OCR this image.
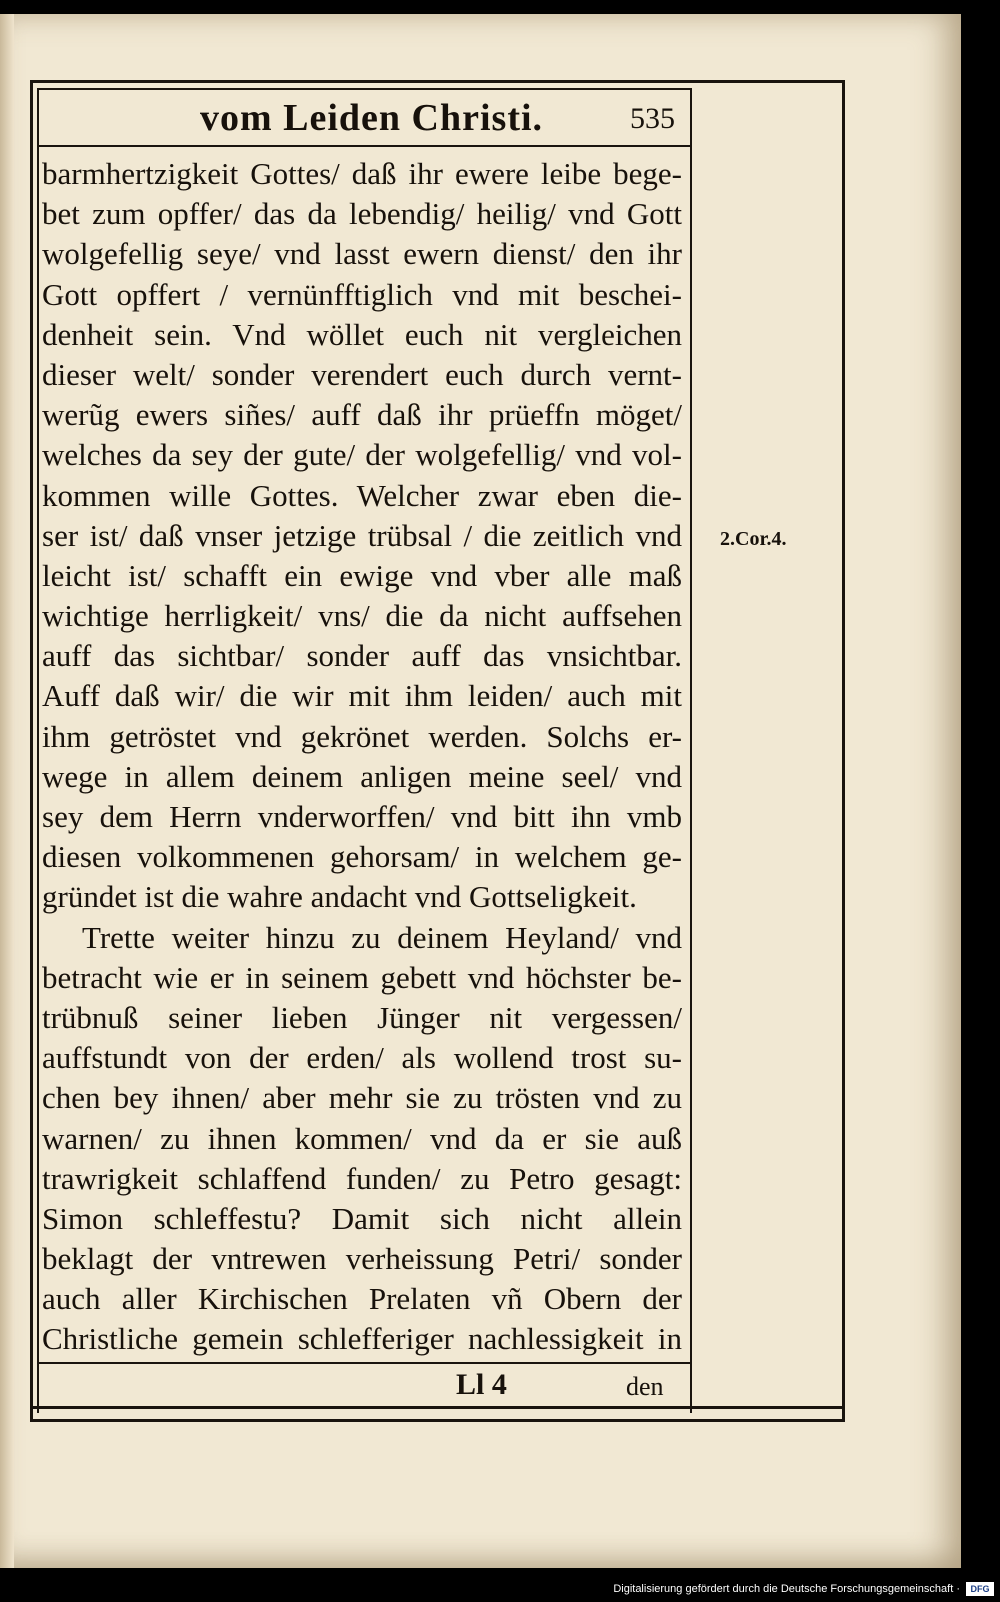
vom Leiden Christi.	535
barmhertzigkeit Gottes/ daß ihr ewere leibe bege-
bet zum opffer/ das da lebendig/ heilig/ vnd Gott
wolgefellig seye/ vnd lasst ewern dienst/ den ihr
Gott opffert / vernünfftiglich vnd mit beschei-
denheit sein. Vnd wöllet euch nit vergleichen
dieser welt/ sonder verendert euch durch vernt-
werũg ewers siñes/ auff daß ihr prüeffn möget/
welches da sey der gute/ der wolgefellig/ vnd vol-
kommen wille Gottes. Welcher zwar eben die-
ser ist/ daß vnser jetzige trübsal / die zeitlich vnd
leicht ist/ schafft ein ewige vnd vber alle maß
wichtige herrligkeit/ vns/ die da nicht auffsehen
auff das sichtbar/ sonder auff das vnsichtbar.
Auff daß wir/ die wir mit ihm leiden/ auch mit
ihm getröstet vnd gekrönet werden. Solchs er-
wege in allem deinem anligen meine seel/ vnd
sey dem Herrn vnderworffen/ vnd bitt ihn vmb
diesen volkommenen gehorsam/ in welchem ge-
gründet ist die wahre andacht vnd Gottseligkeit.
Trette weiter hinzu zu deinem Heyland/ vnd
betracht wie er in seinem gebett vnd höchster be-
trübnuß seiner lieben Jünger nit vergessen/
auffstundt von der erden/ als wollend trost su-
chen bey ihnen/ aber mehr sie zu trösten vnd zu
warnen/ zu ihnen kommen/ vnd da er sie auß
trawrigkeit schlaffend funden/ zu Petro gesagt:
Simon schleffestu? Damit sich nicht allein
beklagt der vntrewen verheissung Petri/ sonder
auch aller Kirchischen Prelaten vñ Obern der
Christliche gemein schlefferiger nachlessigkeit in
2.Cor.4.
Ll 4	den
Digitalisierung gefördert durch die Deutsche Forschungsgemeinschaft ·	DFG
